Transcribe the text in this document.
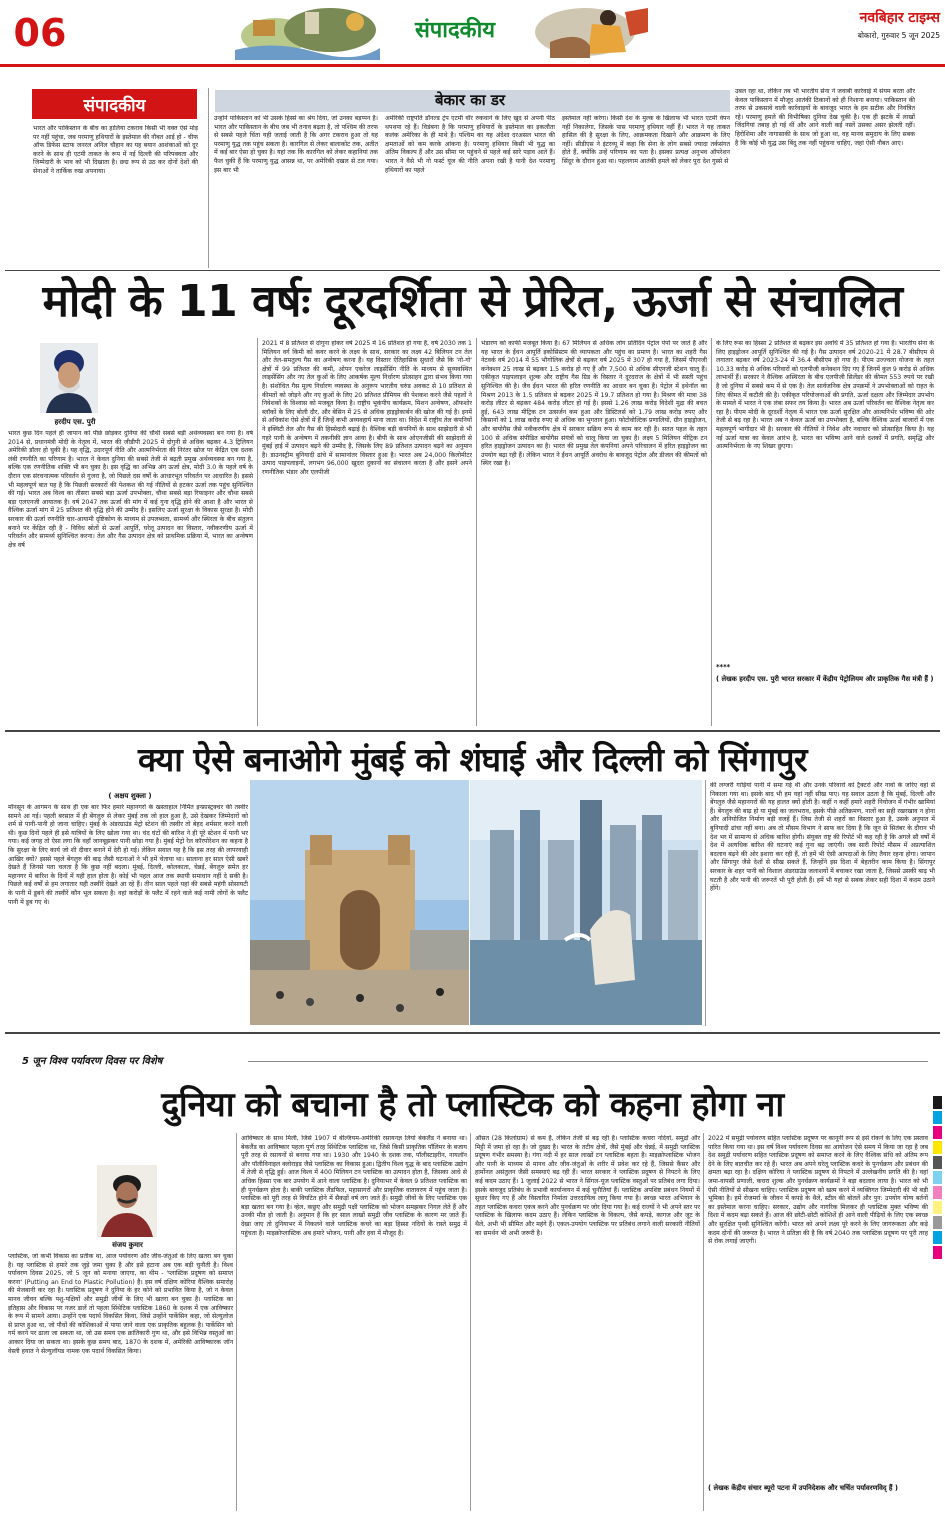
06	संपादकीय	नवबिहार टाइम्स
बोकारो, गुरुवार 5 जून 2025
संपादकीय	बेकार का डर
भारत और पाकिस्तान के बीच का हालिया टकराव किसी भी वक्त ऐसे मोड़ पर नहीं पहुंचा, जब परमाणु हथियारों के इस्तेमाल की नौबत आई हो - चीफ ऑफ डिफेंस स्टाफ जनरल अनिल चौहान का यह बयान आशंकाओं को दूर करने के साथ ही एटमी ताकत के रूप में नई दिल्ली की परिपक्वता और जिम्मेदारी के भाव को भी दिखाता है। छद्म रूप से उठ कर दोनों देशों की सेनाओं ने तार्किक रुख अपनाया।
उन्होंने पाकिस्तान को भी उसके हिस्से का श्रेय दिया, जो उनका बड़प्पन है। भारत और पाकिस्तान के बीच जब भी तनाव बढ़ता है, तो पश्चिम की तरफ से सबसे पहले चिंता यही जताई जाती है कि अगर टकराव हुआ तो यह परमाणु युद्ध तक पहुंच सकता है। कारगिल से लेकर बालाकोट तक, अतीत में कई बार ऐसा हो चुका है। यहां तक कि कारगिल को लेकर कहानियां तक फैल चुकी हैं कि परमाणु युद्ध आसन्न था, पर अमेरिकी दखल से टल गया। इस बार भी
अमेरिकी राष्ट्रपति डॉनल्ड ट्रंप एटमी वॉर रुकवाने के लिए खुद से अपनी पीठ थपथपा रहे हैं। विडंबना है कि परमाणु हथियारों के इस्तेमाल का इकलौता कलंक अमेरिका के ही माथे है। पश्चिम का यह अंदेशा दरअसल भारत की क्षमताओं को कम करके आंकना है। परमाणु हथियार किसी भी युद्ध का अंतिम विकल्प हैं और उस सीमा पर पहुंचने से पहले कई सारे पड़ाव आते हैं। भारत ने वैसे भी नो फर्स्ट यूज की नीति अपना रखी है यानी देश परमाणु हथियारों का पहले
इस्तेमाल नहीं करेगा। किसी देश के मुल्क के खिलाफ भी भारत एटमी वेपन नहीं निकालेगा, जिसके पास परमाणु हथियार नहीं हैं। भारत ने यह ताकत हासिल की है सुरक्षा के लिए, आक्रमकता दिखाने और आक्रमण के लिए नहीं। सीडीएस ने इंटरव्यू में कहा कि सेना के लोग सबसे ज्यादा तर्कसंगत होते हैं, क्योंकि उन्हें परिणाम का पता है। इसका प्रत्यक्ष अनुभव ऑपरेशन सिंदूर के दौरान हुआ था। पहलगाम आतंकी हमले को लेकर पूरा देश गुस्से से
उबल रहा था, लेकिन तब भी भारतीय सेना ने जवाबी कार्रवाई में संयम बरता और केवल पाकिस्तान में मौजूद आतंकी ठिकानों को ही निशाना बनाया। पाकिस्तान की तरफ से उकसावे वाली कार्रवाइयों के बावजूद भारत के हम सटीक और नियंत्रित रहे। परमाणु हमले की विभीषिका दुनिया देख चुकी है। एक ही झटके में लाखों जिंदगियां तबाह हो गई थीं और आने वाली कई नस्लें उसका असर झेलती रहीं। हिरोशिमा और नागासाकी के साथ जो हुआ था, वह मानव समुदाय के लिए सबक है कि कोई भी युद्ध उस बिंदु तक नहीं पहुंचना चाहिए, जहां ऐसी नौबत आए।
मोदी के 11 वर्षः दूरदर्शिता से प्रेरित, ऊर्जा से संचालित
हरदीप एस. पुरी
भारत कुछ दिन पहले ही जापान को पीछे छोड़कर दुनिया की चौथी सबसे बड़ी अर्थव्यवस्था बन गया है। वर्ष 2014 से, प्रधानमंत्री मोदी के नेतृत्व में, भारत की जीडीपी 2025 में दोगुनी से अधिक बढ़कर 4.3 ट्रिलियन अमेरिकी डॉलर हो चुकी है। यह वृद्धि, उदारपूर्ण नीति और आत्मनिर्भरता की निरंतर खोज पर केंद्रित एक दशक लंबी रणनीति का परिणाम है। भारत ने केवल दुनिया की सबसे तेजी से बढ़ती प्रमुख अर्थव्यवस्था बन गया है, बल्कि एक रणनीतिक शक्ति भी बन चुका है। इस वृद्धि का अभिन्न अंग ऊर्जा क्षेत्र, मोदी 3.0 के पहले वर्ष के दौरान एक संरचनात्मक परिवर्तन से गुजरा है, जो पिछले दस वर्षों के आधारभूत परिवर्तन पर आधारित है। इससे भी महत्वपूर्ण बात यह है कि पिछली सरकारों की पेशकश की गई नीतियों से हटकर ऊर्जा तक पहुंच सुनिश्चित की गई। भारत अब विश्व का तीसरा सबसे बड़ा ऊर्जा उपभोक्ता, चौथा सबसे बड़ा रिफाइनर और चौथा सबसे बड़ा एलएनजी आयातक है। वर्ष 2047 तक ऊर्जा की मांग में कई गुना वृद्धि होने की आशा है और भारत से वैश्विक ऊर्जा मांग में 25 प्रतिशत की वृद्धि होने की उम्मीद है। इसलिए ऊर्जा सुरक्षा के विकास सुरक्षा है। मोदी सरकार की ऊर्जा रणनीति चार-आयामी दृष्टिकोण के माध्यम से उपलब्धता, सामर्थ्य और स्थिरता के बीच संतुलन बनाने पर केंद्रित रही है - विविध स्रोतों से ऊर्जा आपूर्ति, घरेलू उत्पादन का विस्तार, नवीकरणीय ऊर्जा में परिवर्तन और सामर्थ्य सुनिश्चित करना। तेल और गैस उत्पादन क्षेत्र को प्राथमिक प्रक्रिया में, भारत का अन्वेषण क्षेत्र वर्ष
2021 में 8 प्रतिशत से दोगुना होकर वर्ष 2025 में 16 प्रतिशत हो गया है, वर्ष 2030 तक 1 मिलियन वर्ग किमी को कवर करने के लक्ष्य के साथ, सरकार का लक्ष्य 42 बिलियन टन तेल और तेल-समतुल्य गैस का अन्वेषण करना है। यह विस्तार ऐतिहासिक सुधारों जैसे कि 'नो-गो' क्षेत्रों में 99 प्रतिशत की कमी, ओपन एकरेज लाइसेंसिंग नीति के माध्यम से सुव्यवस्थित लाइसेंसिंग और नए तेल कुओं के लिए आकर्षक मूल्य निर्धारण प्रोत्साहन द्वारा संभव किया गया है। संशोधित गैस मूल्य निर्धारण व्यवस्था के अनुरूप भारतीय चरुंड अवकट से 10 प्रतिशत से कीमतों को जोड़ने और नए कुओं के लिए 20 प्रतिशत प्रीमियम की पेशकश करने जैसे पहलों ने निवेशकों के विश्वास को मजबूत किया है। राष्ट्रीय भूकंपीय कार्यक्रम, मिशन अन्वेषण, ऑफशोर ब्लॉकों के लिए बोली दौर, और बेसिन में 25 से अधिक हाइड्रोकार्बन की खोज की गई है। इनमें से अधिकांश ऐसे क्षेत्रों में हैं जिन्हें कभी अव्यवहार्य माना जाता था। विदेश में राष्ट्रीय तेल कंपनियों ने इक्विटी तेल और गैस की हिस्सेदारी बढ़ाई है। वैश्विक बड़ी कंपनियों के साथ साझेदारी से भी गहरे पानी के अन्वेषण में तकनीकी ज्ञान आया है। बीपी के साथ ओएनजीसी की साझेदारी से मुंबई हाई में उत्पादन बढ़ने की उम्मीद है, जिसके लिए 89 प्रतिशत उत्पादन बढ़ने का अनुमान है। डाउनस्ट्रीम बुनियादी ढांचे में सामानांतर विस्तार हुआ है। भारत अब 24,000 किलोमीटर उत्पाद पाइपलाइनों, लगभग 96,000 खुदरा दुकानों का संचालन करता है और इसने अपने रणनीतिक भंडार और एलपीजी
भंडारण को काफी मजबूत किया है। 67 मिलियन से अधिक लोग प्रतिदिन पेट्रोल पंपों पर जाते हैं और यह भारत के ईंधन आपूर्ति इकोसिस्टम की व्यापकता और पहुंच का प्रमाण है। भारत का शहरी गैस नेटवर्क वर्ष 2014 में 55 भौगोलिक क्षेत्रों से बढ़कर वर्ष 2025 में 307 हो गया है, जिसमें पीएनजी कनेक्शन 25 लाख से बढ़कर 1.5 करोड़ हो गए हैं और 7,500 से अधिक सीएनजी स्टेशन चालू हैं। एकीकृत पाइपलाइन शुल्क और राष्ट्रीय गैस ग्रिड के विस्तार ने दूरदराज के क्षेत्रों में भी सस्ती पहुंच सुनिश्चित की है। जैव ईंधन भारत की हरित रणनीति का आधार बन चुका है। पेट्रोल में इथेनॉल का मिश्रण 2013 के 1.5 प्रतिशत से बढ़कर 2025 में 19.7 प्रतिशत हो गया है। मिश्रण की मात्रा 38 करोड़ लीटर से बढ़कर 484 करोड़ लीटर हो गई है। इससे 1.26 लाख करोड़ विदेशी मुद्रा की बचत हुई, 643 लाख मीट्रिक टन उत्सर्जन कम हुआ और डिस्टिलर्स को 1.79 लाख करोड़ रुपए और किसानों को 1 लाख करोड़ रुपए से अधिक का भुगतान हुआ। फोटोवोल्टिक प्रणालियों, ग्रीन हाइड्रोजन, और बायोगैस जैसे नवीकरणीय क्षेत्र में सरकार सक्रिय रूप से काम कर रही है। सतत पहल के तहत 100 से अधिक संपीडित बायोगैस संयंत्रों को चालू किया जा चुका है। लक्ष्य 5 मिलियन मीट्रिक टन हरित हाइड्रोजन उत्पादन का है। भारत की प्रमुख तेल कंपनियां अपने परिचालन में हरित हाइड्रोजन का उपयोग बढ़ा रही हैं। लेकिन भारत ने ईंधन आपूर्ति अवरोध के बावजूद पेट्रोल और डीजल की कीमतों को स्थिर रखा है।
के लिए रूस का हिस्सा 2 प्रतिशत से बढ़कर इस अवधि में 35 प्रतिशत हो गया है। भारतीय सेना के लिए हाइड्रोजन आपूर्ति सुनिश्चित की गई है। गैस उत्पादन वर्ष 2020-21 में 28.7 बीसीएम से लगातार बढ़कर वर्ष 2023-24 में 36.4 बीसीएम हो गया है। पीएम उज्ज्वला योजना के तहत 10.33 करोड़ से अधिक परिवारों को एलपीजी कनेक्शन दिए गए हैं जिनमें कुल 9 करोड़ से अधिक लाभार्थी हैं। सरकार ने वैश्विक अस्थिरता के बीच एलपीजी सिलेंडर की कीमत 553 रुपये पर रखी है जो दुनिया में सबसे कम में से एक है। तेल सार्वजनिक क्षेत्र उपक्रमों ने उपभोक्ताओं को राहत के लिए कीमत में कटौती की है। एकीकृत परियोजनाओं की प्रगति, ऊर्जा दक्षता और जिम्मेदार उपभोग के मामले में भारत ने एक लंबा सफर तय किया है। भारत अब ऊर्जा परिवर्तन का वैश्विक नेतृत्व कर रहा है। पीएम मोदी के दूरदर्शी नेतृत्व में भारत एक ऊर्जा सुरक्षित और आत्मनिर्भर भविष्य की ओर तेजी से बढ़ रहा है। भारत अब न केवल ऊर्जा का उपभोक्ता है, बल्कि वैश्विक ऊर्जा बाजारों में एक महत्वपूर्ण भागीदार भी है। सरकार की नीतियों ने निवेश और नवाचार को प्रोत्साहित किया है। यह नई ऊर्जा यात्रा का केवल आरंभ है, भारत का भविष्य आने वाले दशकों में प्रगति, समृद्धि और आत्मनिर्भरता के नए शिखर छुएगा।
****
( लेखक हरदीप एस. पुरी भारत सरकार में केंद्रीय पेट्रोलियम और प्राकृतिक गैस मंत्री हैं )
क्या ऐसे बनाओगे मुंबई को शंघाई और दिल्ली को सिंगापुर
( अक्षय शुक्ला )
मॉनसून के आगमन के साथ ही एक बार फिर हमारे महानगरों के खस्ताहाल निर्मित इन्फ्रास्ट्रक्चर की तस्वीर सामने आ गई। पहली बरसात में ही बेंगलुरु से लेकर मुंबई तक जो हाल हुआ है, उसे देखकर जिम्मेदारों को शर्म से पानी-पानी हो जाना चाहिए। मुंबई के अंडरग्राउंड मेट्रो स्टेशन की तस्वीर तो बेहद शर्मसार करने वाली थी। कुछ दिनों पहले ही इसे यात्रियों के लिए खोला गया था। चंद घंटों की बारिश ने ही पूरे स्टेशन में पानी भर गया। कई जगह तो ऐसा लगा कि वहाँ जानबूझकर पानी छोड़ा गया है। मुंबई मेट्रो रेल कॉरपोरेशन का कहना है कि सुरक्षा के लिए कार्य जो शी दीवार बनाने में देरी हो गई। लेकिन सवाल यह है कि इस तरह की लापरवाही आखिर क्यों? इससे पहले बेंगलुरु की बाढ़ जैसी घटनाओं ने भी हमें चेताया था। सालाना हर साल ऐसी खबरें देखते हैं जिनसे पता चलता है कि कुछ नहीं बदला। मुंबई, दिल्ली, कोलकाता, चेन्नई, बेंगलुरु समेत हर महानगर में बारिश के दिनों में यही हाल होता है। कोई भी पहल आज तक स्थायी समाधान नहीं दे सकी है। पिछले कई वर्षों से हम लगातार यही तस्वीरें देखते आ रहे हैं। तीन साल पहले यहां की सबसे महंगी सोसायटी के पानी में डूबने की तस्वीरें कौन भूल सकता है। वहां करोड़ों के फ्लैट में रहने वाले कई नामी लोगों के फ्लैट पानी में डूब गए थे।
की लग्जरी गाड़ियां पानी में समा गई थीं और उनके परिवारों को ट्रैक्टरों और नावों के जरिए वहां से निकाला गया था। इसके बाद भी हम यहां नहीं सीख पाए। यह सवाल उठता है कि मुंबई, दिल्ली और बेंगलुरु जैसे महानगरों की यह हालत क्यों होती है। कहीं न कहीं हमारे शहरी नियोजन में गंभीर खामियां हैं। बेंगलुरु की बाढ़ हो या मुंबई का जलभराव, इसके पीछे अतिक्रमण, नालों का सही रखरखाव न होना और अनियोजित निर्माण बड़ी वजहें हैं। जिस तेजी से शहरों का विस्तार हुआ है, उसके अनुपात में बुनियादी ढांचा नहीं बना। अब तो मौसम विभाग ने साफ कर दिया है कि जून से सितंबर के दौरान भी देश भर में सामान्य से अधिक बारिश होगी। संयुक्त राष्ट्र की रिपोर्ट भी कह रही है कि अगले सौ वर्षों में देश में अत्यधिक बारिश की घटनाएं कई गुना बढ़ जाएंगी। जब सारी रिपोर्ट मौसम में अप्रत्याशित बदलाव बढ़ने की ओर इशारा कर रही हैं, तो हमें भी ऐसी आपदाओं के लिए तैयार रहना होगा। जापान और सिंगापुर जैसे देशों से सीख सकते हैं, जिन्होंने इस दिशा में बेहतरीन काम किया है। सिंगापुर सरकार के शहर पानी को विशाल अंडरग्राउंड जलाशयों में बचाकर रखा जाता है, जिससे उसकी बाढ़ भी घटती है और पानी की जरूरतें भी पूरी होती हैं। हमें भी यहां से सबक लेकर सही दिशा में कदम उठाने होंगे।
5 जून विश्व पर्यावरण दिवस पर विशेष
दुनिया को बचाना है तो प्लास्टिक को कहना होगा ना
संजय कुमार
प्लास्टिक, जो कभी विकास का प्रतीक था, आज पर्यावरण और जीव-जंतुओं के लिए खतरा बन चुका है। यह प्लास्टिक से हमारे तक जुड़े जमा चुका है और इसे हटाना अब एक बड़ी चुनौती है। विश्व पर्यावरण दिवस 2025, जो 5 जून को मनाया जाएगा, का थीम - 'प्लास्टिक प्रदूषण को समाप्त करना' (Putting an End to Plastic Pollution) है। इस वर्ष दक्षिण कोरिया वैश्विक समारोह की मेजबानी कर रहा है। प्लास्टिक प्रदूषण ने दुनिया के हर कोने को प्रभावित किया है, जो न केवल मानव जीवन बल्कि पशु-पक्षियों और समुद्री जीवों के लिए भी खतरा बन चुका है। प्लास्टिक का इतिहास और विकास पर नजर डालें तो पहला सिंथेटिक प्लास्टिक 1860 के दशक में एक आविष्कार के रूप में सामने आया। उन्होंने एक पदार्थ विकसित किया, जिसे उन्होंने पार्केसिन कहा, जो सेल्युलोज से प्राप्त हुआ था, जो पौधों की कोशिकाओं में पाया जाने वाला एक प्राकृतिक बहुलक है। पार्केसिन को गर्म करने पर ढाला जा सकता था, जो उस समय एक क्रांतिकारी गुण था, और इसे विभिन्न वस्तुओं का आकार दिया जा सकता था। इसके कुछ समय बाद, 1870 के दशक में, अमेरिकी आविष्कारक जॉन वेस्ली हयात ने सेल्युलॉयड नामक एक पदार्थ विकसित किया।
आविष्कार के साथ मिली, जिसे 1907 में बेल्जियम-अमेरिकी रसायनज्ञ लियो बेकलैंड ने बनाया था। बेकलैंड का आविष्कार पहला पूर्ण तरह सिंथेटिक प्लास्टिक था, जिसे किसी प्राकृतिक पॉलिमर के बजाय पूरी तरह से रसायनों से बनाया गया था। 1930 और 1940 के दशक तक, पॉलीस्टाइरीन, नायलॉन और पॉलीविनाइल क्लोराइड जैसे प्लास्टिक का विकास हुआ। द्वितीय विश्व युद्ध के बाद प्लास्टिक उद्योग में तेजी से वृद्धि हुई। आज विश्व में 400 मिलियन टन प्लास्टिक का उत्पादन होता है, जिसका आधे से अधिक हिस्सा एक बार उपयोग में आने वाला प्लास्टिक है। दुनियाभर में केवल 9 प्रतिशत प्लास्टिक का ही पुनर्चक्रण होता है। बाकी प्लास्टिक लैंडफिल, महासागरों और प्राकृतिक वातावरण में पहुंच जाता है। प्लास्टिक को पूरी तरह से विघटित होने में सैकड़ों वर्ष लग जाते हैं। समुद्री जीवों के लिए प्लास्टिक एक बड़ा खतरा बन गया है। व्हेल, कछुए और समुद्री पक्षी प्लास्टिक को भोजन समझकर निगल लेते हैं और उनकी मौत हो जाती है। अनुमान है कि हर साल लाखों समुद्री जीव प्लास्टिक के कारण मर जाते हैं। देखा जाए तो दुनियाभर में निकलने वाले प्लास्टिक कचरे का बड़ा हिस्सा नदियों के रास्ते समुद्र में पहुंचता है। माइक्रोप्लास्टिक अब हमारे भोजन, पानी और हवा में मौजूद है।
औसत (28 किलोग्राम) से कम है, लेकिन तेजी से बढ़ रही है। प्लास्टिक कचरा नदियों, समुद्रों और मिट्टी में जमा हो रहा है। जो दुखद है। भारत के तटीय क्षेत्रों, जैसे मुंबई और चेन्नई, में समुद्री प्लास्टिक प्रदूषण गंभीर समस्या है। गंगा नदी में हर साल लाखों टन प्लास्टिक बहता है। माइक्रोप्लास्टिक भोजन और पानी के माध्यम से मानव और जीव-जंतुओं के शरीर में प्रवेश कर रहे हैं, जिससे कैंसर और हार्मोनल असंतुलन जैसी समस्याएं बढ़ रही हैं। भारत सरकार ने प्लास्टिक प्रदूषण से निपटने के लिए कई कदम उठाए हैं। 1 जुलाई 2022 से भारत ने सिंगल-यूज प्लास्टिक वस्तुओं पर प्रतिबंध लगा दिया। इसके बावजूद प्रतिबंध के प्रभावी कार्यान्वयन में कई चुनौतियां हैं। प्लास्टिक अपशिष्ट प्रबंधन नियमों में सुधार किए गए हैं और विस्तारित निर्माता उत्तरदायित्व लागू किया गया है। स्वच्छ भारत अभियान के तहत प्लास्टिक कचरा एकत्र करने और पुनर्चक्रण पर जोर दिया गया है। कई राज्यों ने भी अपने स्तर पर प्लास्टिक के खिलाफ कदम उठाए हैं। लेकिन प्लास्टिक के विकल्प, जैसे कपड़े, कागज और जूट के थैले, अभी भी सीमित और महंगे हैं। एकल-उपयोग प्लास्टिक पर प्रतिबंध लगाने वाली सरकारी नीतियों का समर्थन भी अभी जरूरी है।
2022 में समुद्री पर्यावरण सहित प्लास्टिक प्रदूषण पर कानूनी रूप से इसे रोकने के लिए एक प्रस्ताव पारित किया गया था। इस वर्ष विश्व पर्यावरण दिवस का आयोजन ऐसे समय में किया जा रहा है जब देश समुद्री पर्यावरण सहित प्लास्टिक प्रदूषण को समाप्त करने के लिए वैश्विक संधि को अंतिम रूप देने के लिए बातचीत कर रहे हैं। भारत अब अपने घरेलू प्लास्टिक कचरे के पुनर्चक्रण और प्रबंधन की क्षमता बढ़ा रहा है। दक्षिण कोरिया ने प्लास्टिक प्रदूषण से निपटने में उल्लेखनीय प्रगति की है। वहां जमा-वापसी प्रणाली, कचरा शुल्क और पुनर्चक्रण कार्यक्रमों ने बड़ा बदलाव लाया है। भारत को भी ऐसी नीतियों से सीखना चाहिए। प्लास्टिक प्रदूषण को खत्म करने में व्यक्तिगत जिम्मेदारी की भी बड़ी भूमिका है। हमें रोजमर्रा के जीवन में कपड़े के थैले, स्टील की बोतलें और पुन: उपयोग योग्य बर्तनों का इस्तेमाल करना चाहिए। सरकार, उद्योग और नागरिक मिलकर ही प्लास्टिक मुक्त भविष्य की दिशा में कदम बढ़ा सकते हैं। आज की छोटी-छोटी कोशिशें ही आने वाली पीढ़ियों के लिए एक स्वच्छ और सुरक्षित पृथ्वी सुनिश्चित करेंगी। भारत को अपने लक्ष्य पूरे करने के लिए जागरूकता और कड़े कदम दोनों की जरूरत है। भारत ने प्रतिज्ञा की है कि वर्ष 2040 तक प्लास्टिक प्रदूषण पर पूरी तरह से रोक लगाई जाएगी।
( लेखक केंद्रीय संचार ब्यूरो पटना में उपनिदेशक और चर्चित पर्यावरणविद् हैं )
